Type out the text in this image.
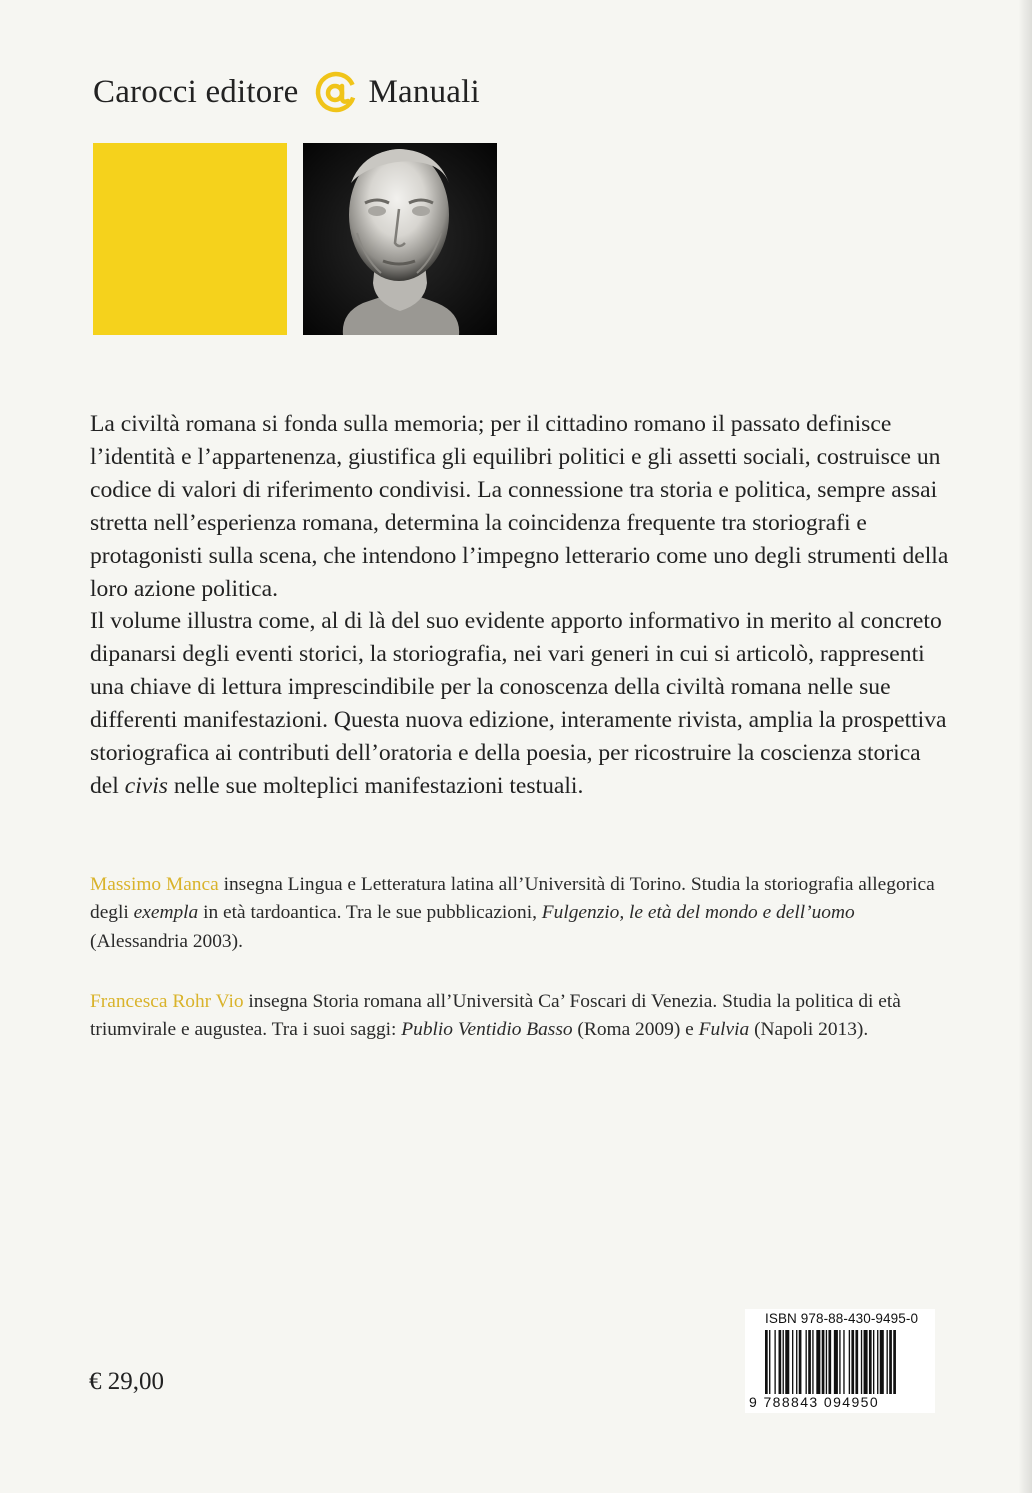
Carocci editore Manuali

La civiltà romana si fonda sulla memoria; per il cittadino romano il passato definisce l’identità e l’appartenenza, giustifica gli equilibri politici e gli assetti sociali, costruisce un codice di valori di riferimento condivisi. La connessione tra storia e politica, sempre assai stretta nell’esperienza romana, determina la coincidenza frequente tra storiografi e protagonisti sulla scena, che intendono l’impegno letterario come uno degli strumenti della loro azione politica.

Il volume illustra come, al di là del suo evidente apporto informativo in merito al concreto dipanarsi degli eventi storici, la storiografia, nei vari generi in cui si articolò, rappresenti una chiave di lettura imprescindibile per la conoscenza della civiltà romana nelle sue differenti manifestazioni. Questa nuova edizione, interamente rivista, amplia la prospettiva storiografica ai contributi dell’oratoria e della poesia, per ricostruire la coscienza storica del civis nelle sue molteplici manifestazioni testuali.

Massimo Manca insegna Lingua e Letteratura latina all’Università di Torino. Studia la storiografia allegorica degli exempla in età tardoantica. Tra le sue pubblicazioni, Fulgenzio, le età del mondo e dell’uomo (Alessandria 2003).

Francesca Rohr Vio insegna Storia romana all’Università Ca’ Foscari di Venezia. Studia la politica di età triumvirale e augustea. Tra i suoi saggi: Publio Ventidio Basso (Roma 2009) e Fulvia (Napoli 2013).

€ 29,00
ISBN 978-88-430-9495-0
9 788843 094950
